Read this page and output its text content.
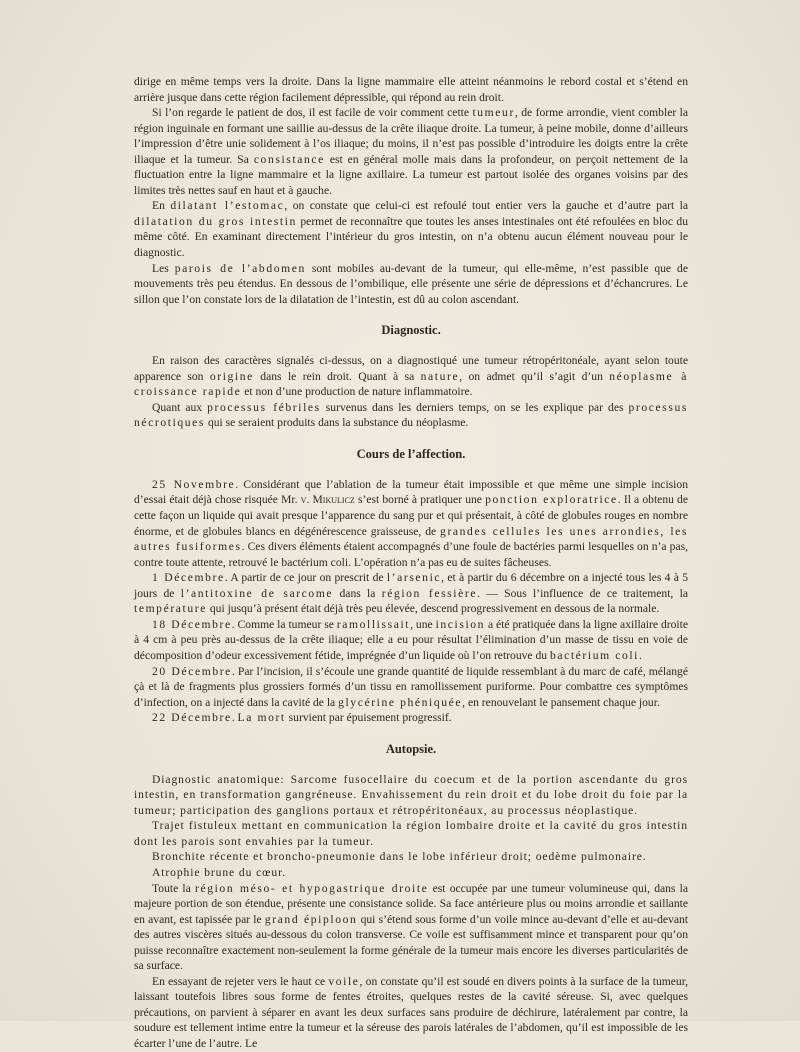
dirige en même temps vers la droite. Dans la ligne mammaire elle atteint néanmoins le rebord costal et s’étend en arrière jusque dans cette région facilement dépressible, qui répond au rein droit.

Si l’on regarde le patient de dos, il est facile de voir comment cette tumeur, de forme arrondie, vient combler la région inguinale en formant une saillie au-dessus de la crête iliaque droite. La tumeur, à peine mobile, donne d’ailleurs l’impression d’être unie solidement à l’os iliaque; du moins, il n’est pas possible d’introduire les doigts entre la crête iliaque et la tumeur. Sa consistance est en général molle mais dans la profondeur, on perçoit nettement de la fluctuation entre la ligne mammaire et la ligne axillaire. La tumeur est partout isolée des organes voisins par des limites très nettes sauf en haut et à gauche.

En dilatant l’estomac, on constate que celui-ci est refoulé tout entier vers la gauche et d’autre part la dilatation du gros intestin permet de reconnaître que toutes les anses intestinales ont été refoulées en bloc du même côté. En examinant directement l’intérieur du gros intestin, on n’a obtenu aucun élément nouveau pour le diagnostic.

Les parois de l’abdomen sont mobiles au-devant de la tumeur, qui elle-même, n’est passible que de mouvements très peu étendus. En dessous de l’ombilique, elle présente une série de dépressions et d’échancrures. Le sillon que l’on constate lors de la dilatation de l’intestin, est dû au colon ascendant.

Diagnostic.

En raison des caractères signalés ci-dessus, on a diagnostiqué une tumeur rétropéritonéale, ayant selon toute apparence son origine dans le rein droit. Quant à sa nature, on admet qu’il s’agit d’un néoplasme à croissance rapide et non d’une production de nature inflammatoire.

Quant aux processus fébriles survenus dans les derniers temps, on se les explique par des processus nécrotiques qui se seraient produits dans la substance du néoplasme.

Cours de l’affection.

25 Novembre. Considérant que l’ablation de la tumeur était impossible et que même une simple incision d’essai était déjà chose risquée Mr. v. Mikulicz s’est borné à pratiquer une ponction exploratrice. Il a obtenu de cette façon un liquide qui avait presque l’apparence du sang pur et qui présentait, à côté de globules rouges en nombre énorme, et de globules blancs en dégénérescence graisseuse, de grandes cellules les unes arrondies, les autres fusiformes. Ces divers éléments étaient accompagnés d’une foule de bactéries parmi lesquelles on n’a pas, contre toute attente, retrouvé le bactérium coli. L’opération n’a pas eu de suites fâcheuses.

1 Décembre. A partir de ce jour on prescrit de l’arsenic, et à partir du 6 décembre on a injecté tous les 4 à 5 jours de l’antitoxine de sarcome dans la région fessière. — Sous l’influence de ce traitement, la température qui jusqu’à présent était déjà très peu élevée, descend progressivement en dessous de la normale.

18 Décembre. Comme la tumeur se ramollissait, une incision a été pratiquée dans la ligne axillaire droite à 4 cm à peu près au-dessus de la crête iliaque; elle a eu pour résultat l’élimination d’un masse de tissu en voie de décomposition d’odeur excessivement fétide, imprégnée d’un liquide où l’on retrouve du bactérium coli.

20 Décembre. Par l’incision, il s’écoule une grande quantité de liquide ressemblant à du marc de café, mélangé çà et là de fragments plus grossiers formés d’un tissu en ramollissement puriforme. Pour combattre ces symptômes d’infection, on a injecté dans la cavité de la glycérine phéniquée, en renouvelant le pansement chaque jour.

22 Décembre. La mort survient par épuisement progressif.

Autopsie.

Diagnostic anatomique: Sarcome fusocellaire du coecum et de la portion ascendante du gros intestin, en transformation gangréneuse. Envahissement du rein droit et du lobe droit du foie par la tumeur; participation des ganglions portaux et rétropéritonéaux, au processus néoplastique.

Trajet fistuleux mettant en communication la région lombaire droite et la cavité du gros intestin dont les parois sont envahies par la tumeur.

Bronchite récente et broncho-pneumonie dans le lobe inférieur droit; oedème pulmonaire.

Atrophie brune du cœur.

Toute la région méso- et hypogastrique droite est occupée par une tumeur volumineuse qui, dans la majeure portion de son étendue, présente une consistance solide. Sa face antérieure plus ou moins arrondie et saillante en avant, est tapissée par le grand épiploon qui s’étend sous forme d’un voile mince au-devant d’elle et au-devant des autres viscères situés au-dessous du colon transverse. Ce voile est suffisamment mince et transparent pour qu’on puisse reconnaître exactement non-seulement la forme générale de la tumeur mais encore les diverses particularités de sa surface.

En essayant de rejeter vers le haut ce voile, on constate qu’il est soudé en divers points à la surface de la tumeur, laissant toutefois libres sous forme de fentes étroites, quelques restes de la cavité séreuse. Si, avec quelques précautions, on parvient à séparer en avant les deux surfaces sans produire de déchirure, latéralement par contre, la soudure est tellement intime entre la tumeur et la séreuse des parois latérales de l’abdomen, qu’il est impossible de les écarter l’une de l’autre. Le
